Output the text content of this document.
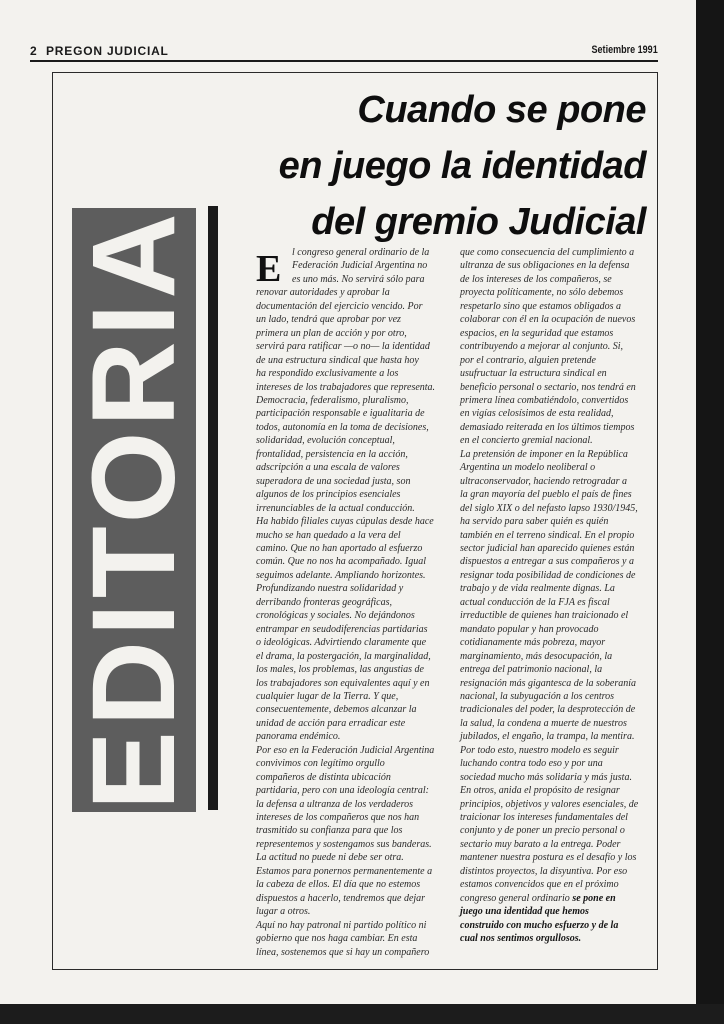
2 PREGON JUDICIAL	Setiembre 1991
Cuando se pone
en juego la identidad
del gremio Judicial
EDITORIAL E	l congreso general ordinario de la

Federación Judicial Argentina no

es uno más. No servirá sólo para

renovar autoridades y aprobar la

documentación del ejercicio vencido. Por

un lado, tendrá que aprobar por vez

primera un plan de acción y por otro,

servirá para ratificar —o no— la identidad

de una estructura sindical que hasta hoy

ha respondido exclusivamente a los

intereses de los trabajadores que representa.

Democracia, federalismo, pluralismo,

participación responsable e igualitaria de

todos, autonomía en la toma de decisiones,

solidaridad, evolución conceptual,

frontalidad, persistencia en la acción,

adscripción a una escala de valores

superadora de una sociedad justa, son

algunos de los principios esenciales

irrenunciables de la actual conducción.

Ha habido filiales cuyas cúpulas desde hace

mucho se han quedado a la vera del

camino. Que no han aportado al esfuerzo

común. Que no nos ha acompañado. Igual

seguimos adelante. Ampliando horizontes.

Profundizando nuestra solidaridad y

derribando fronteras geográficas,

cronológicas y sociales. No dejándonos

entrampar en seudodiferencias partidarias

o ideológicas. Advirtiendo claramente que

el drama, la postergación, la marginalidad,

los males, los problemas, las angustias de

los trabajadores son equivalentes aquí y en

cualquier lugar de la Tierra. Y que,

consecuentemente, debemos alcanzar la

unidad de acción para erradicar este

panorama endémico.

Por eso en la Federación Judicial Argentina

convivimos con legítimo orgullo

compañeros de distinta ubicación

partidaria, pero con una ideología central:

la defensa a ultranza de los verdaderos

intereses de los compañeros que nos han

trasmitido su confianza para que los

representemos y sostengamos sus banderas.

La actitud no puede ni debe ser otra.

Estamos para ponernos permanentemente a

la cabeza de ellos. El día que no estemos

dispuestos a hacerlo, tendremos que dejar

lugar a otros.

Aquí no hay patronal ni partido político ni

gobierno que nos haga cambiar. En esta

línea, sostenemos que si hay un compañero

que como consecuencia del cumplimiento a

ultranza de sus obligaciones en la defensa

de los intereses de los compañeros, se

proyecta políticamente, no sólo debemos

respetarlo sino que estamos obligados a

colaborar con él en la ocupación de nuevos

espacios, en la seguridad que estamos

contribuyendo a mejorar al conjunto. Si,

por el contrario, alguien pretende

usufructuar la estructura sindical en

beneficio personal o sectario, nos tendrá en

primera línea combatiéndolo, convertidos

en vigías celosísimos de esta realidad,

demasiado reiterada en los últimos tiempos

en el concierto gremial nacional.

La pretensión de imponer en la República

Argentina un modelo neoliberal o

ultraconservador, haciendo retrogradar a

la gran mayoría del pueblo el país de fines

del siglo XIX o del nefasto lapso 1930/1945,

ha servido para saber quién es quién

también en el terreno sindical. En el propio

sector judicial han aparecido quienes están

dispuestos a entregar a sus compañeros y a

resignar toda posibilidad de condiciones de

trabajo y de vida realmente dignas. La

actual conducción de la FJA es fiscal

irreductible de quienes han traicionado el

mandato popular y han provocado

cotidianamente más pobreza, mayor

marginamiento, más desocupación, la

entrega del patrimonio nacional, la

resignación más gigantesca de la soberanía

nacional, la subyugación a los centros

tradicionales del poder, la desprotección de

la salud, la condena a muerte de nuestros

jubilados, el engaño, la trampa, la mentira.

Por todo esto, nuestro modelo es seguir

luchando contra todo eso y por una

sociedad mucho más solidaria y más justa.

En otros, anida el propósito de resignar

principios, objetivos y valores esenciales, de

traicionar los intereses fundamentales del

conjunto y de poner un precio personal o

sectario muy barato a la entrega. Poder

mantener nuestra postura es el desafío y los

distintos proyectos, la disyuntiva. Por eso

estamos convencidos que en el próximo

congreso general ordinario se pone en

juego una identidad que hemos

construido con mucho esfuerzo y de la

cual nos sentimos orgullosos.
